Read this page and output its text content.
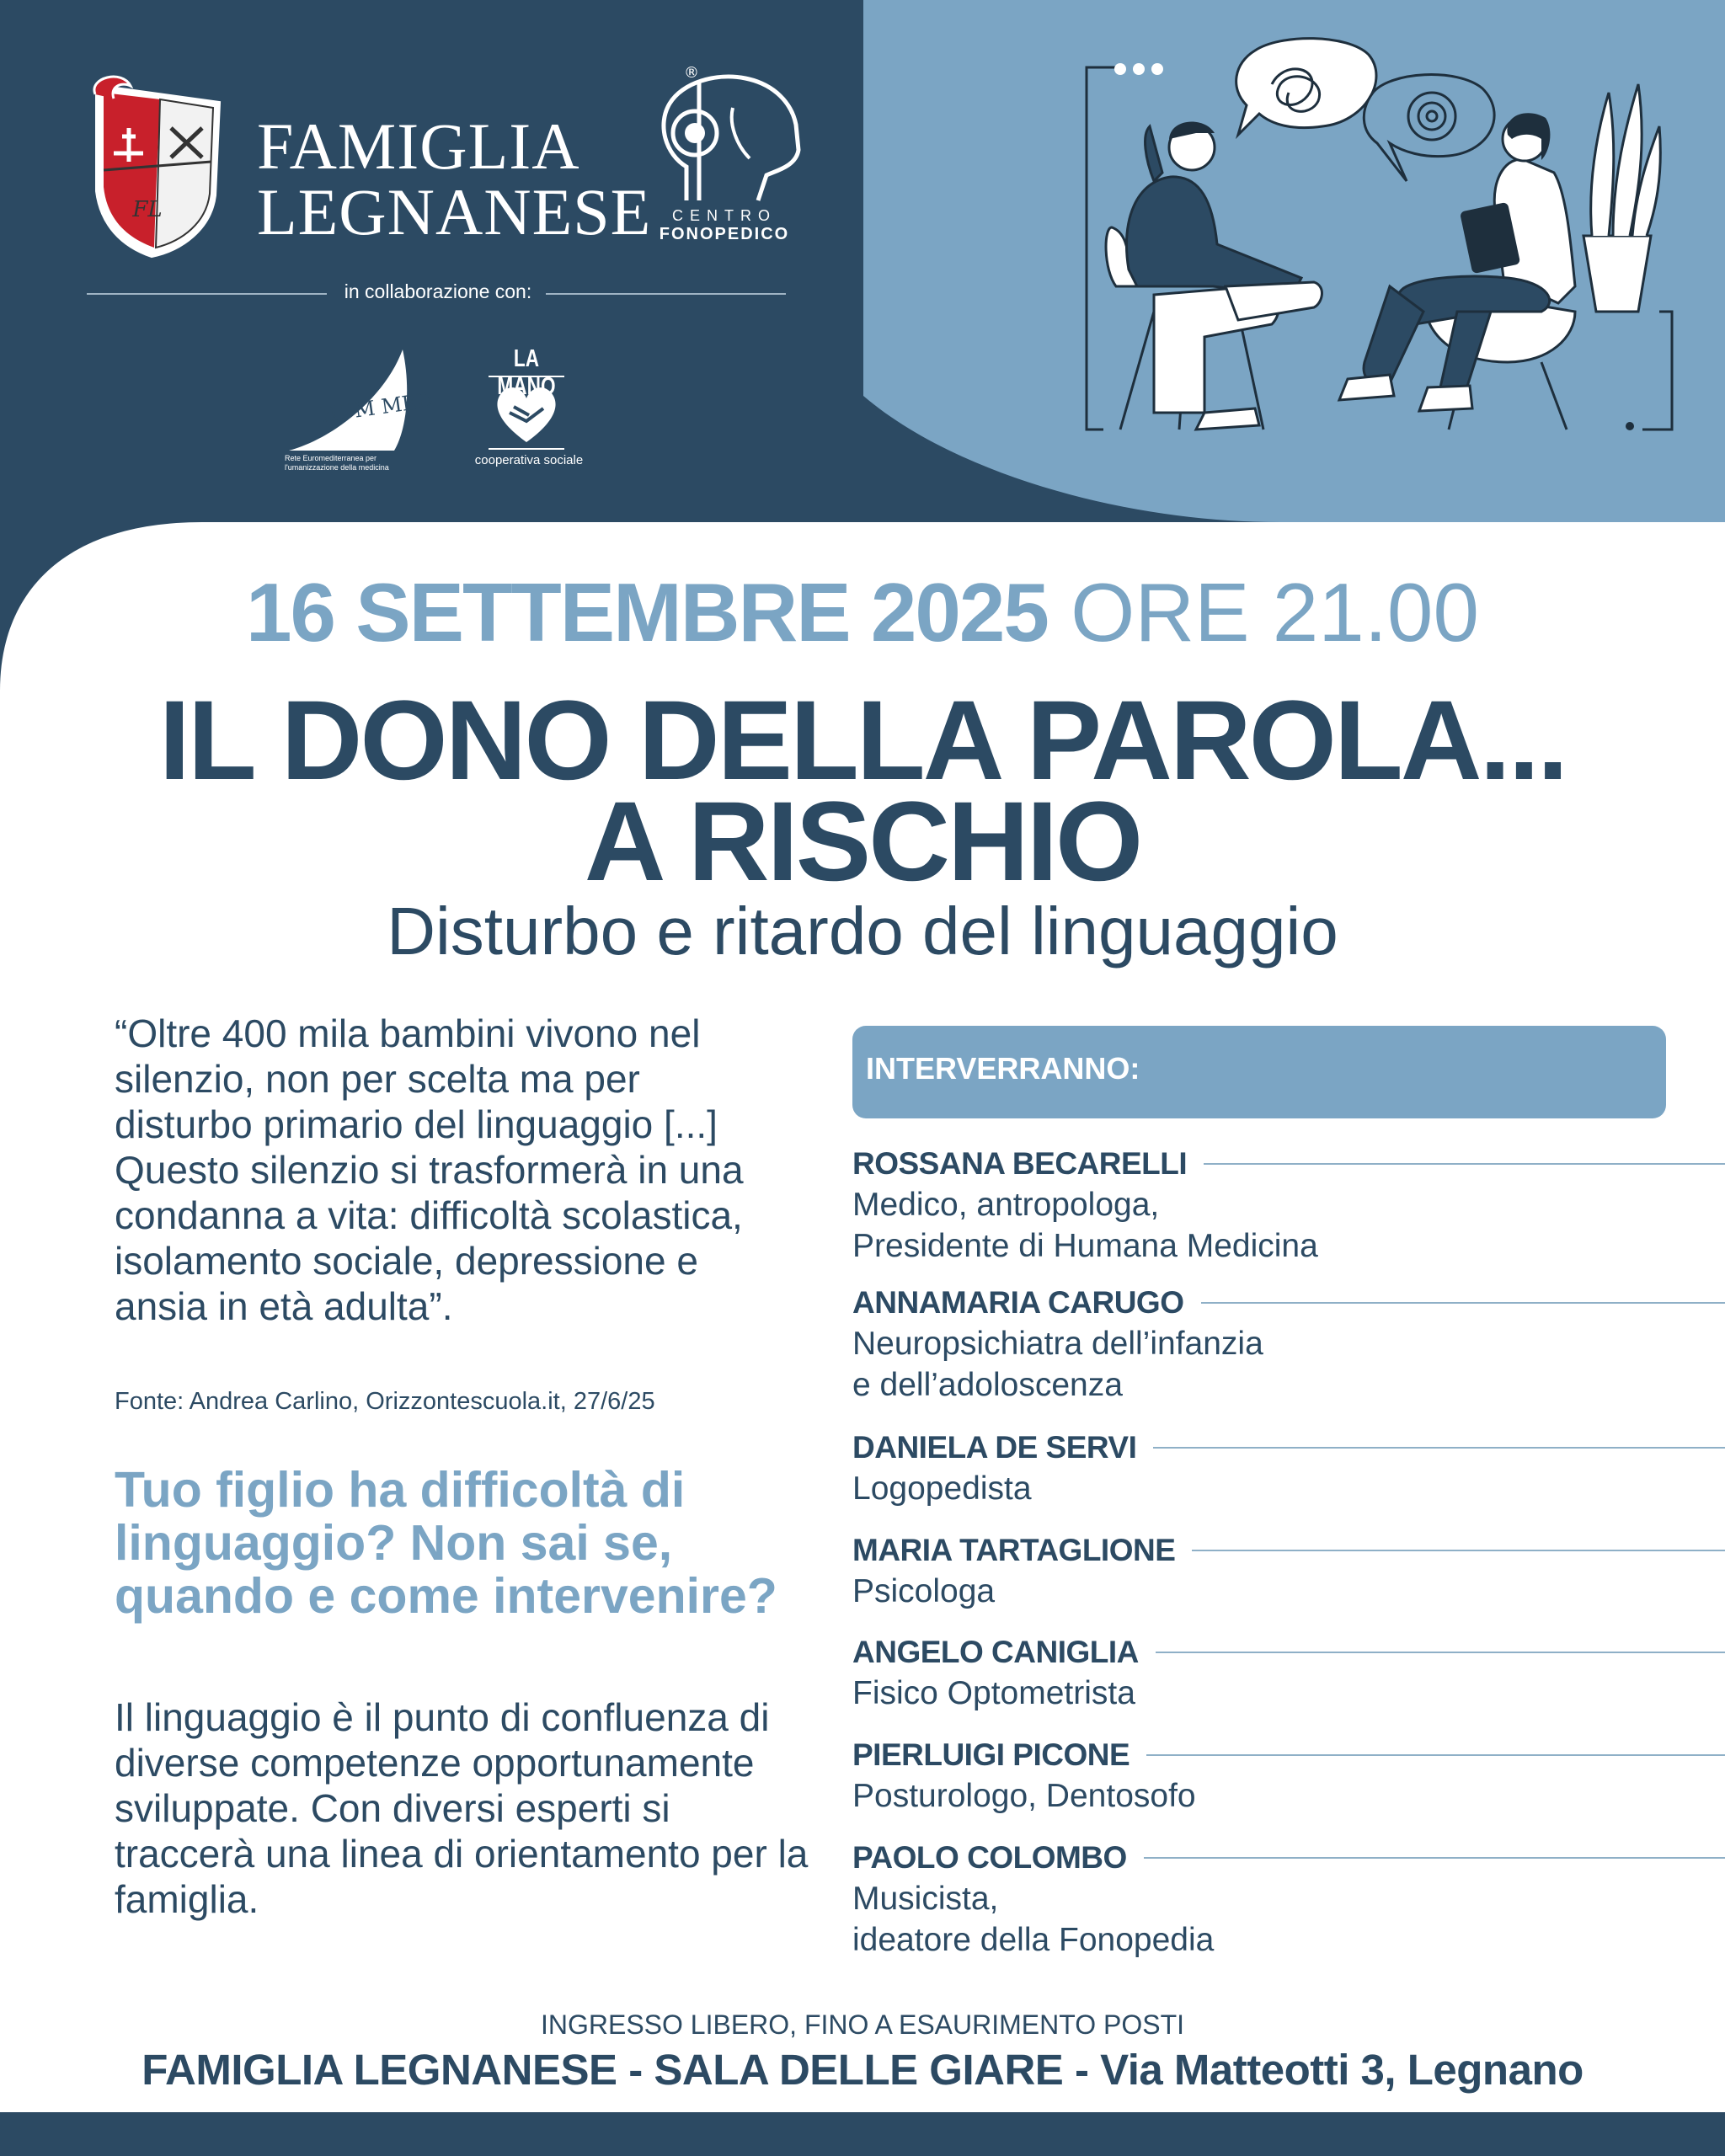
FL
FAMIGLIA
LEGNANESE
®
CENTRO
FONOPEDICO
in collaborazione con:
HUM MED
Rete Euromediterranea per l'umanizzazione della medicina
LA MANO
cooperativa sociale
16 SETTEMBRE 2025 ORE 21.00
IL DONO DELLA PAROLA...
A RISCHIO
Disturbo e ritardo del linguaggio

“Oltre 400 mila bambini vivono nel silenzio, non per scelta ma per disturbo primario del linguaggio [...] Questo silenzio si trasformerà in una condanna a vita: difficoltà scolastica, isolamento sociale, depressione e ansia in età adulta”.

Fonte: Andrea Carlino, Orizzontescuola.it, 27/6/25

Tuo figlio ha difficoltà di linguaggio? Non sai se, quando e come intervenire?

Il linguaggio è il punto di confluenza di diverse competenze opportunamente sviluppate. Con diversi esperti si traccerà una linea di orientamento per la famiglia.

INTERVERRANNO:
ROSSANA BECARELLI
Medico, antropologa,
Presidente di Humana Medicina
ANNAMARIA CARUGO
Neuropsichiatra dell’infanzia
e dell’adoloscenza
DANIELA DE SERVI
Logopedista
MARIA TARTAGLIONE
Psicologa
ANGELO CANIGLIA
Fisico Optometrista
PIERLUIGI PICONE
Posturologo, Dentosofo
PAOLO COLOMBO
Musicista,
ideatore della Fonopedia
INGRESSO LIBERO, FINO A ESAURIMENTO POSTI
FAMIGLIA LEGNANESE - SALA DELLE GIARE - Via Matteotti 3, Legnano
